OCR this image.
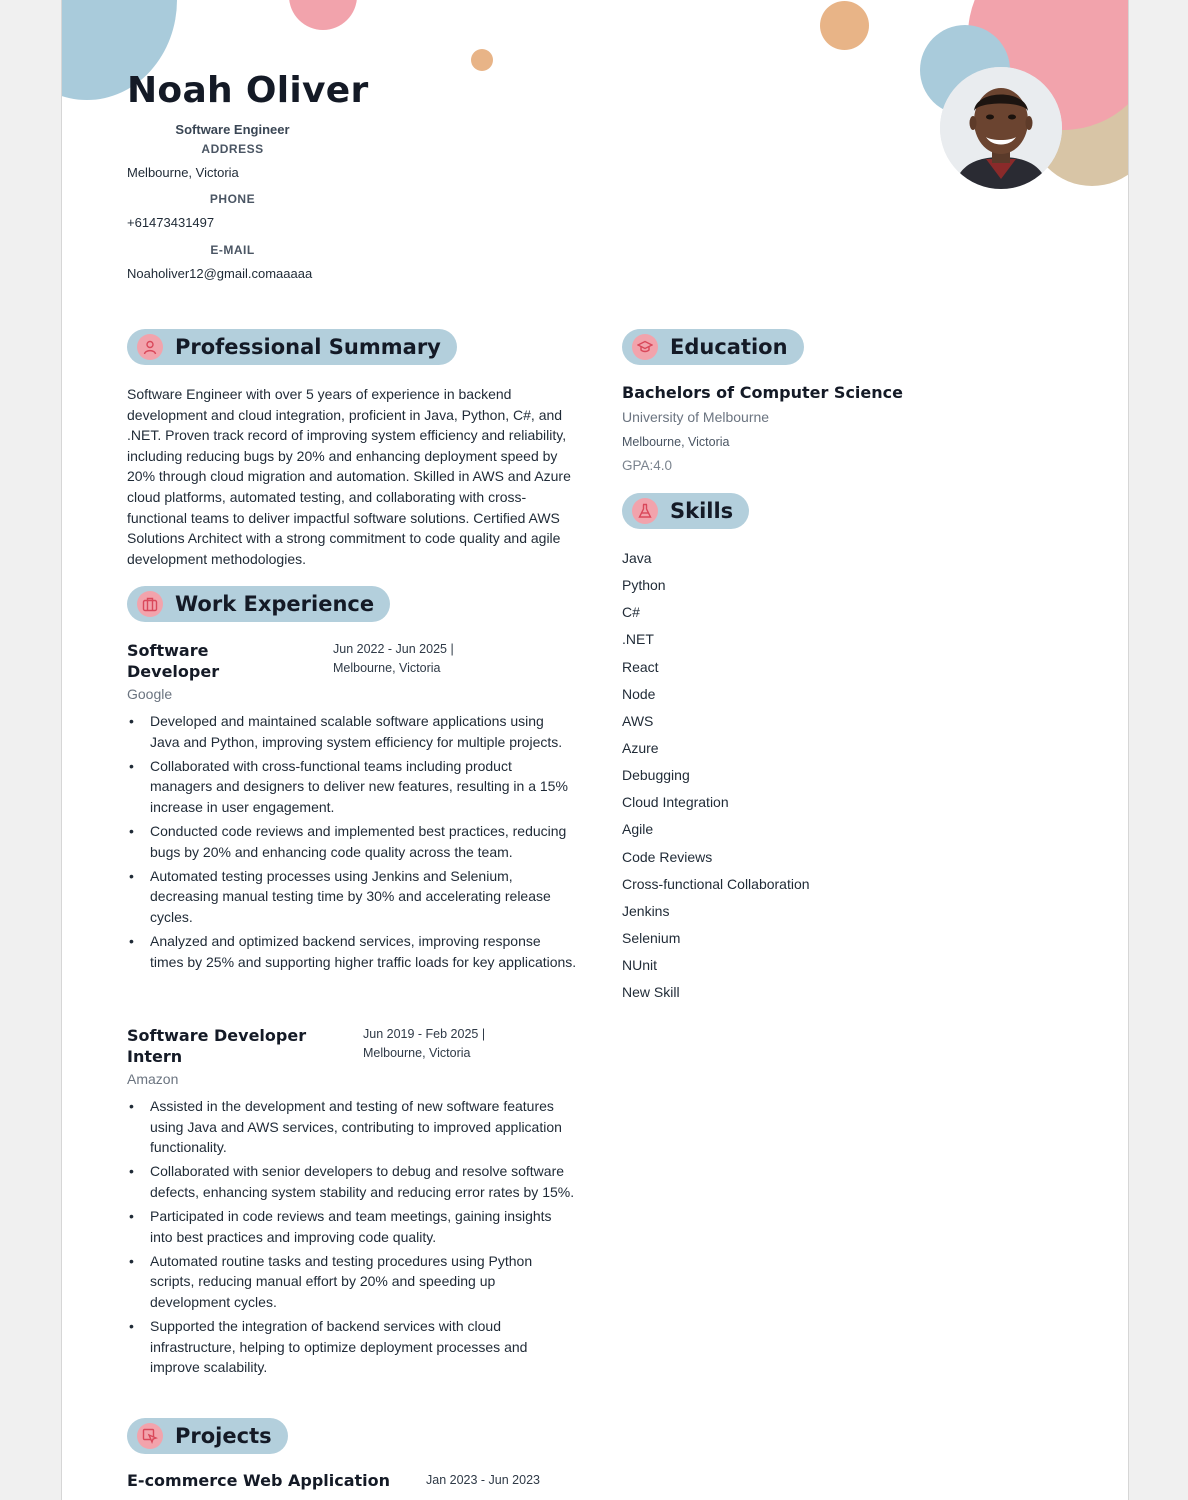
Noah Oliver
Software Engineer
ADDRESS
Melbourne, Victoria
PHONE
+61473431497
E-MAIL
Noaholiver12@gmail.comaaaaa
Professional Summary
Software Engineer with over 5 years of experience in backend development and cloud integration, proficient in Java, Python, C#, and .NET. Proven track record of improving system efficiency and reliability, including reducing bugs by 20% and enhancing deployment speed by 20% through cloud migration and automation. Skilled in AWS and Azure cloud platforms, automated testing, and collaborating with cross-functional teams to deliver impactful software solutions. Certified AWS Solutions Architect with a strong commitment to code quality and agile development methodologies.
Work Experience
Software Developer
Jun 2022 - Jun 2025 |
Melbourne, Victoria
Google
• Developed and maintained scalable software applications using Java and Python, improving system efficiency for multiple projects.
• Collaborated with cross-functional teams including product managers and designers to deliver new features, resulting in a 15% increase in user engagement.
• Conducted code reviews and implemented best practices, reducing bugs by 20% and enhancing code quality across the team.
• Automated testing processes using Jenkins and Selenium, decreasing manual testing time by 30% and accelerating release cycles.
• Analyzed and optimized backend services, improving response times by 25% and supporting higher traffic loads for key applications.
Software Developer Intern
Jun 2019 - Feb 2025 |
Melbourne, Victoria
Amazon
• Assisted in the development and testing of new software features using Java and AWS services, contributing to improved application functionality.
• Collaborated with senior developers to debug and resolve software defects, enhancing system stability and reducing error rates by 15%.
• Participated in code reviews and team meetings, gaining insights into best practices and improving code quality.
• Automated routine tasks and testing procedures using Python scripts, reducing manual effort by 20% and speeding up development cycles.
• Supported the integration of backend services with cloud infrastructure, helping to optimize deployment processes and improve scalability.
Projects
E-commerce Web Application	Jan 2023 - Jun 2023
Education
Bachelors of Computer Science
University of Melbourne
Melbourne, Victoria
GPA:4.0
Skills
Java
Python
C#
.NET
React
Node
AWS
Azure
Debugging
Cloud Integration
Agile
Code Reviews
Cross-functional Collaboration
Jenkins
Selenium
NUnit
New Skill
